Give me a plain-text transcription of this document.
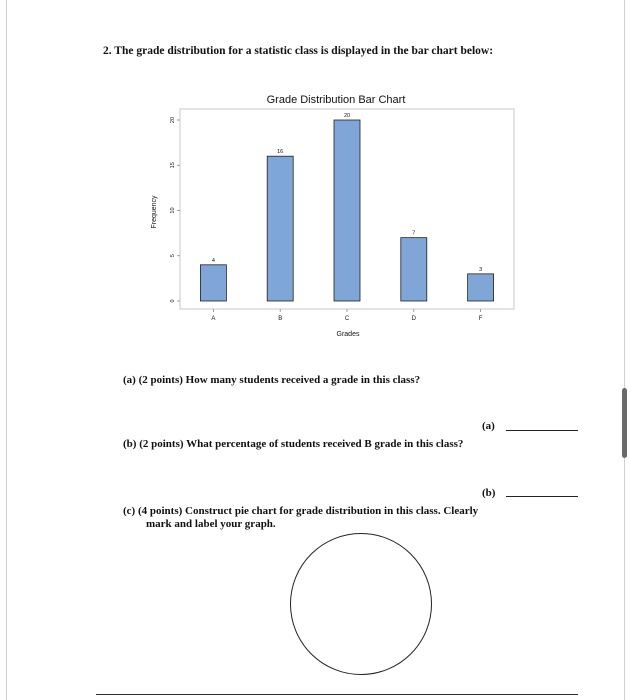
2. The grade distribution for a statistic class is displayed in the bar chart below:
Grade Distribution Bar Chart
Grades
Frequency
0
5
10
15
20
4
A
16
B
20
C
7
D
3
F
(a) (2 points) How many students received a grade in this class?
(a)
(b) (2 points) What percentage of students received B grade in this class?
(b)
(c) (4 points) Construct pie chart for grade distribution in this class. Clearly
mark and label your graph.
